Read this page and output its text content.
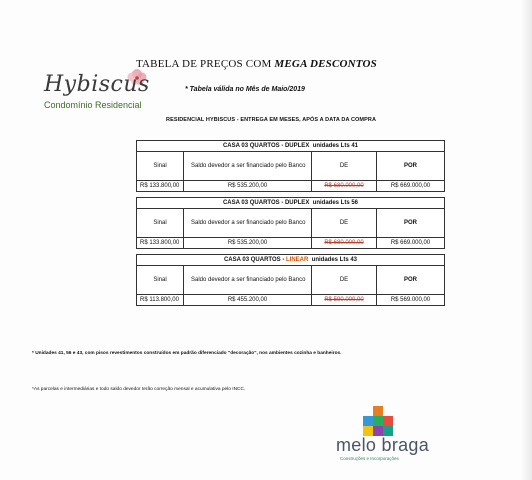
Hybiscus
Condomínio Residencial
TABELA DE PREÇOS COM MEGA DESCONTOS
* Tabela válida no Mês de Maio/2019
RESIDENCIAL HYBISCUS - ENTREGA EM MESES, APÓS A DATA DA COMPRA
CASA 03 QUARTOS - DUPLEX unidades Lts 41
Sinal	Saldo devedor a ser financiado pelo Banco	DE	POR
R$ 133.800,00	R$ 535.200,00	R$ 680.000,00	R$ 669.000,00
CASA 03 QUARTOS - DUPLEX unidades Lts 56
Sinal	Saldo devedor a ser financiado pelo Banco	DE	POR
R$ 133.800,00	R$ 535.200,00	R$ 680.000,00	R$ 669.000,00
CASA 03 QUARTOS - LINEAR unidades Lts 43
Sinal	Saldo devedor a ser financiado pelo Banco	DE	POR
R$ 113.800,00	R$ 455.200,00	R$ 590.000,00	R$ 569.000,00
* Unidades 41, 56 e 43, com pisos revestimentos construídos em padrão diferenciado "decoração", nos ambientes cozinha e banheiros.
*As parcelas e intermediárias e todo saldo devedor terão correção mensal e acumulativa pelo INCC.
melo braga
Construções e Incorporações
